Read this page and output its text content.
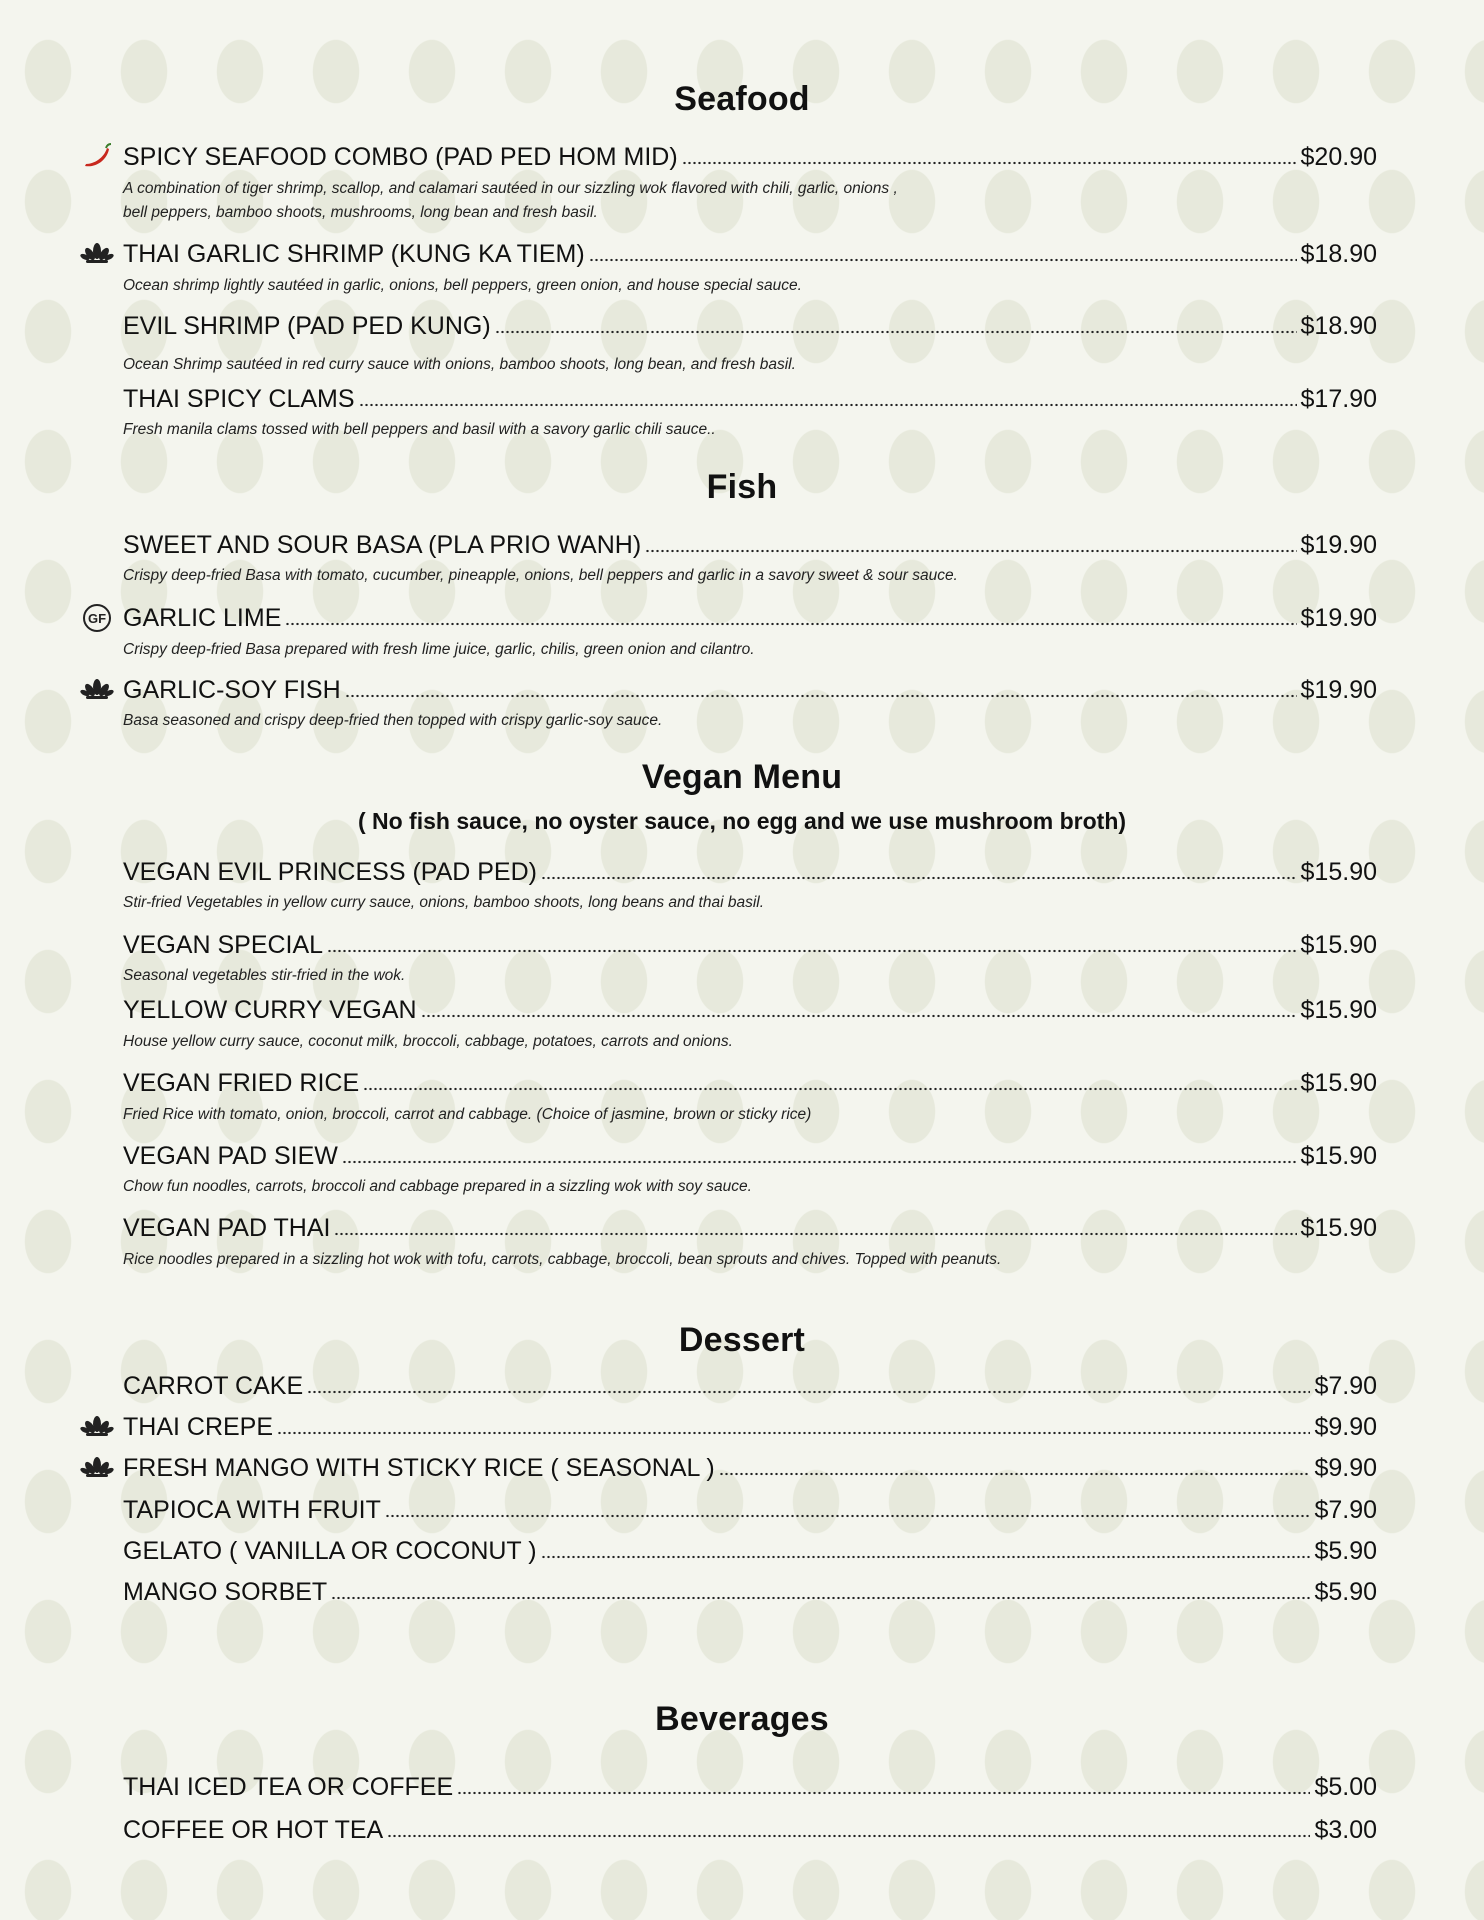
Seafood
SPICY SEAFOOD COMBO (PAD PED HOM MID)	$20.90
A combination of tiger shrimp, scallop, and calamari sautéed in our sizzling wok flavored with chili, garlic, onions ,
bell peppers, bamboo shoots, mushrooms, long bean and fresh basil.
THAI GARLIC SHRIMP (KUNG KA TIEM)	$18.90
Ocean shrimp lightly sautéed in garlic, onions, bell peppers, green onion, and house special sauce.
EVIL SHRIMP (PAD PED KUNG)	$18.90
Ocean Shrimp sautéed in red curry sauce with onions, bamboo shoots, long bean, and fresh basil.
THAI SPICY CLAMS	$17.90
Fresh manila clams tossed with bell peppers and basil with a savory garlic chili sauce..
Fish
SWEET AND SOUR BASA (PLA PRIO WANH)	$19.90
Crispy deep-fried Basa with tomato, cucumber, pineapple, onions, bell peppers and garlic in a savory sweet & sour sauce.
GF GARLIC LIME	$19.90
Crispy deep-fried Basa prepared with fresh lime juice, garlic, chilis, green onion and cilantro.
GARLIC-SOY FISH	$19.90
Basa seasoned and crispy deep-fried then topped with crispy garlic-soy sauce.
Vegan Menu
( No fish sauce, no oyster sauce, no egg and we use mushroom broth)
VEGAN EVIL PRINCESS (PAD PED)	$15.90
Stir-fried Vegetables in yellow curry sauce, onions, bamboo shoots, long beans and thai basil.
VEGAN SPECIAL	$15.90
Seasonal vegetables stir-fried in the wok.
YELLOW CURRY VEGAN	$15.90
House yellow curry sauce, coconut milk, broccoli, cabbage, potatoes, carrots and onions.
VEGAN FRIED RICE	$15.90
Fried Rice with tomato, onion, broccoli, carrot and cabbage. (Choice of jasmine, brown or sticky rice)
VEGAN PAD SIEW	$15.90
Chow fun noodles, carrots, broccoli and cabbage prepared in a sizzling wok with soy sauce.
VEGAN PAD THAI	$15.90
Rice noodles prepared in a sizzling hot wok with tofu, carrots, cabbage, broccoli, bean sprouts and chives. Topped with peanuts.
Dessert
CARROT CAKE	$7.90
THAI CREPE	$9.90
FRESH MANGO WITH STICKY RICE ( SEASONAL )	$9.90
TAPIOCA WITH FRUIT	$7.90
GELATO ( VANILLA OR COCONUT )	$5.90
MANGO SORBET	$5.90
Beverages
THAI ICED TEA OR COFFEE	$5.00
COFFEE OR HOT TEA	$3.00
